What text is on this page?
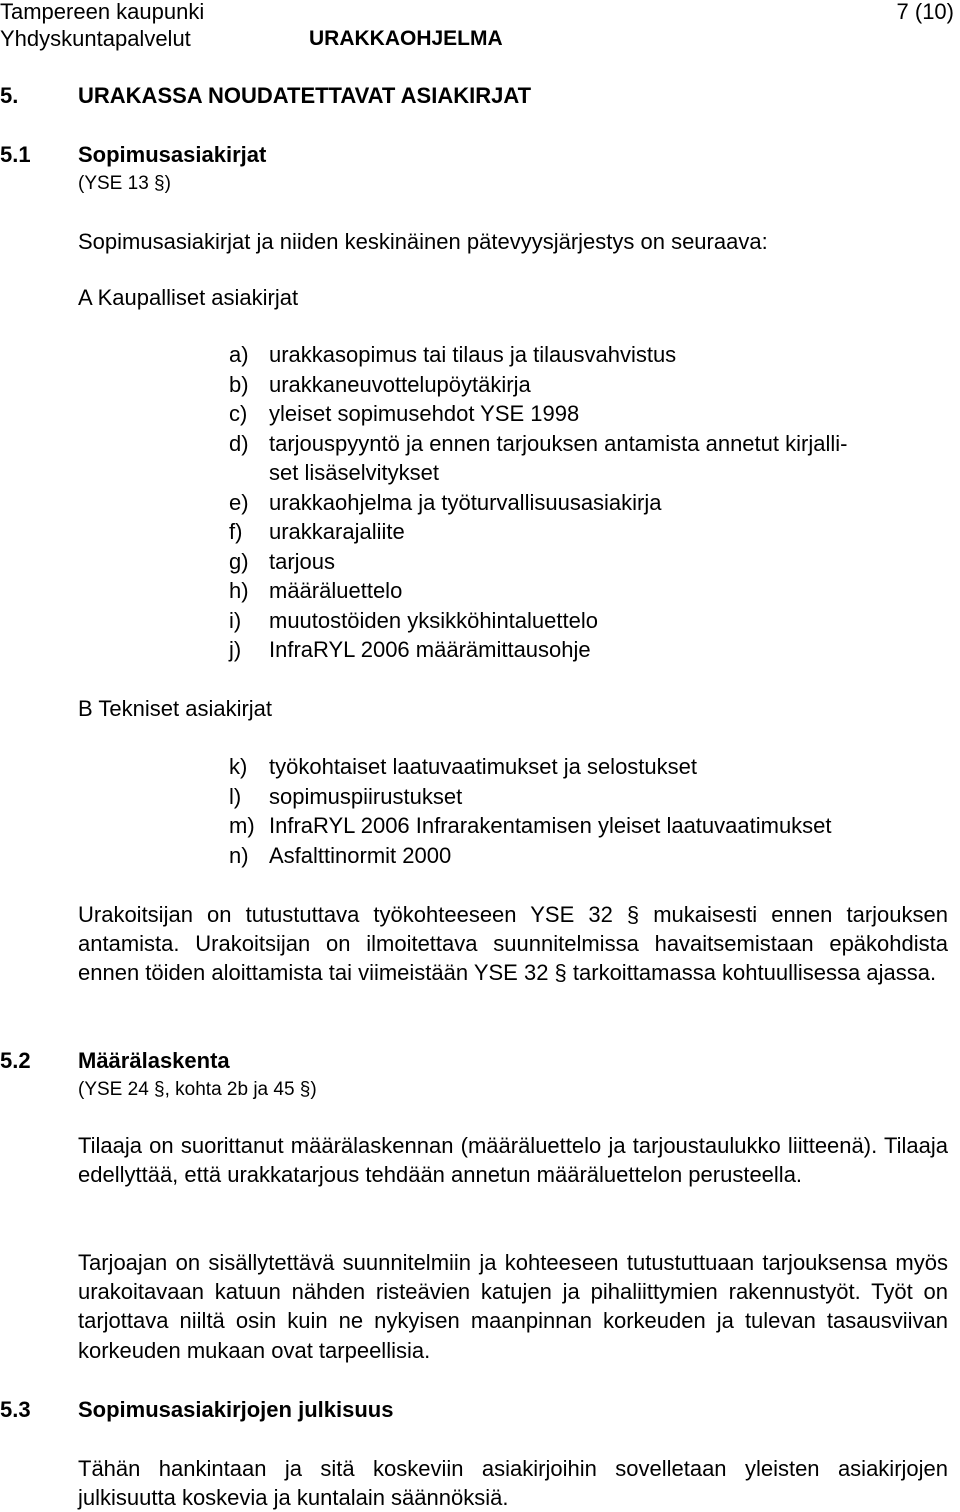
Tampereen kaupunki
Yhdyskuntapalvelut	URAKKAOHJELMA
7 (10)
5.	URAKASSA NOUDATETTAVAT ASIAKIRJAT
5.1 Sopimusasiakirjat
(YSE 13 §)
Sopimusasiakirjat ja niiden keskinäinen pätevyysjärjestys on seuraava:
A Kaupalliset asiakirjat
a) urakkasopimus tai tilaus ja tilausvahvistus
b) urakkaneuvottelupöytäkirja
c) yleiset sopimusehdot YSE 1998
d) tarjouspyyntö ja ennen tarjouksen antamista annetut kirjalli-
set lisäselvitykset
e) urakkaohjelma ja työturvallisuusasiakirja
f) urakkarajaliite
g) tarjous
h) määräluettelo
i) muutostöiden yksikköhintaluettelo
j) InfraRYL 2006 määrämittausohje
B Tekniset asiakirjat
k) työkohtaiset laatuvaatimukset ja selostukset
l) sopimuspiirustukset
m) InfraRYL 2006 Infrarakentamisen yleiset laatuvaatimukset
n) Asfalttinormit 2000
Urakoitsijan on tutustuttava työkohteeseen YSE 32 § mukaisesti ennen tarjouksen antamista. Urakoitsijan on ilmoitettava suunnitelmissa havaitsemistaan epäkohdista ennen töiden aloittamista tai viimeistään YSE 32 § tarkoittamassa kohtuullisessa ajassa.
5.2 Määrälaskenta
(YSE 24 §, kohta 2b ja 45 §)
Tilaaja on suorittanut määrälaskennan (määräluettelo ja tarjoustaulukko liitteenä). Tilaaja edellyttää, että urakkatarjous tehdään annetun määräluettelon perusteella.
Tarjoajan on sisällytettävä suunnitelmiin ja kohteeseen tutustuttuaan tarjouksensa myös urakoitavaan katuun nähden risteävien katujen ja pihaliittymien rakennustyöt. Työt on tarjottava niiltä osin kuin ne nykyisen maanpinnan korkeuden ja tulevan tasausviivan korkeuden mukaan ovat tarpeellisia.
5.3 Sopimusasiakirjojen julkisuus
Tähän hankintaan ja sitä koskeviin asiakirjoihin sovelletaan yleisten asiakirjojen julkisuutta koskevia ja kuntalain säännöksiä.
